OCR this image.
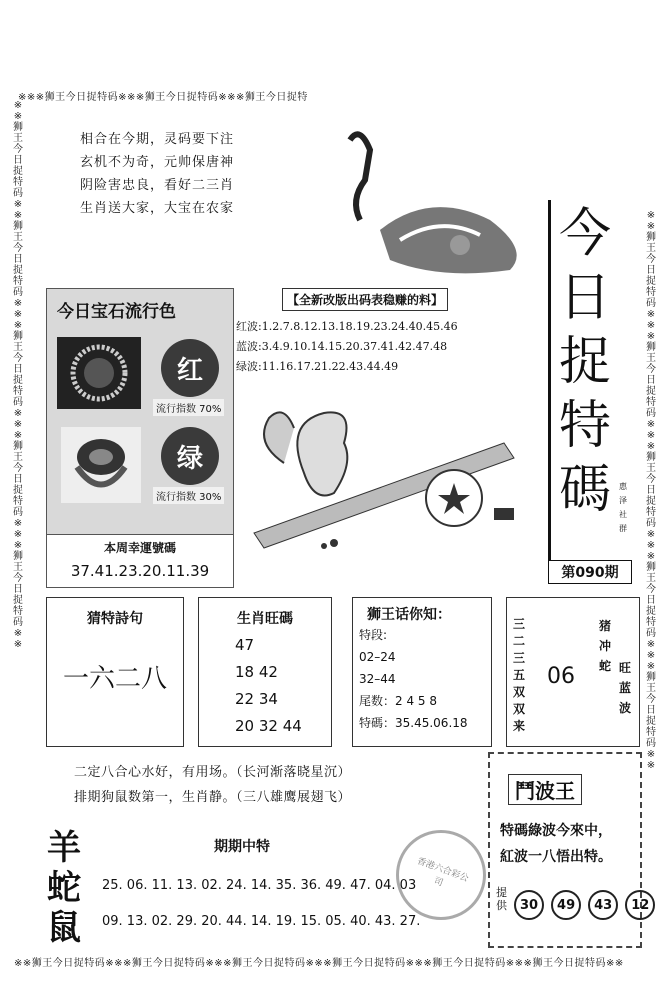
※※※狮王今日捉特码※※※狮王今日捉特码※※※狮王今日捉特
※※狮王今日捉特码※※※狮王今日捉特码※※※狮王今日捉特码※※※狮王今日捉特码※※※狮王今日捉特码※※※狮王今日捉特码※※
※※狮王今日捉特码※※狮王今日捉特码※※※狮王今日捉特码※※※狮王今日捉特码※※※狮王今日捉特码※※
※※狮王今日捉特码※※※狮王今日捉特码※※※狮王今日捉特码※※※狮王今日捉特码※※※狮王今日捉特码※※
相合在今期，灵码要下注
玄机不为奇，元帅保唐神
阴险害忠良，看好二三肖
生肖送大家，大宝在农家	今
日
捉
特
碼	惠泽社群
第090期
今日宝石流行色
红
流行指数 70%
绿
流行指数 30%
本周幸運號碼
37.41.23.20.11.39
【全新改版出码表稳赚的料】
红波:1.2.7.8.12.13.18.19.23.24.40.45.46
蓝波:3.4.9.10.14.15.20.37.41.42.47.48
绿波:11.16.17.21.22.43.44.49
猜特詩句
一六二八
生肖旺碼
47
18 42
22 34
20 32 44
狮王话你知：
特段:
02–24
32–44
尾数：2 4 5 8
特碼：35.45.06.18
三二三五双双来
06
猪冲蛇 旺蓝波
二定八合心水好，有用场。（长河渐落晓星沉）
排期狗鼠数第一，生肖静。（三八雄鹰展翅飞）	鬥波王
特碼綠波今來中，
紅波一八悟出特。
提供 30 49 43 12
羊
蛇
鼠
期期中特
25. 06. 11. 13. 02. 24. 14. 35. 36. 49. 47. 04. 03
09. 13. 02. 29. 20. 44. 14. 19. 15. 05. 40. 43. 27.
香港六合彩公司
